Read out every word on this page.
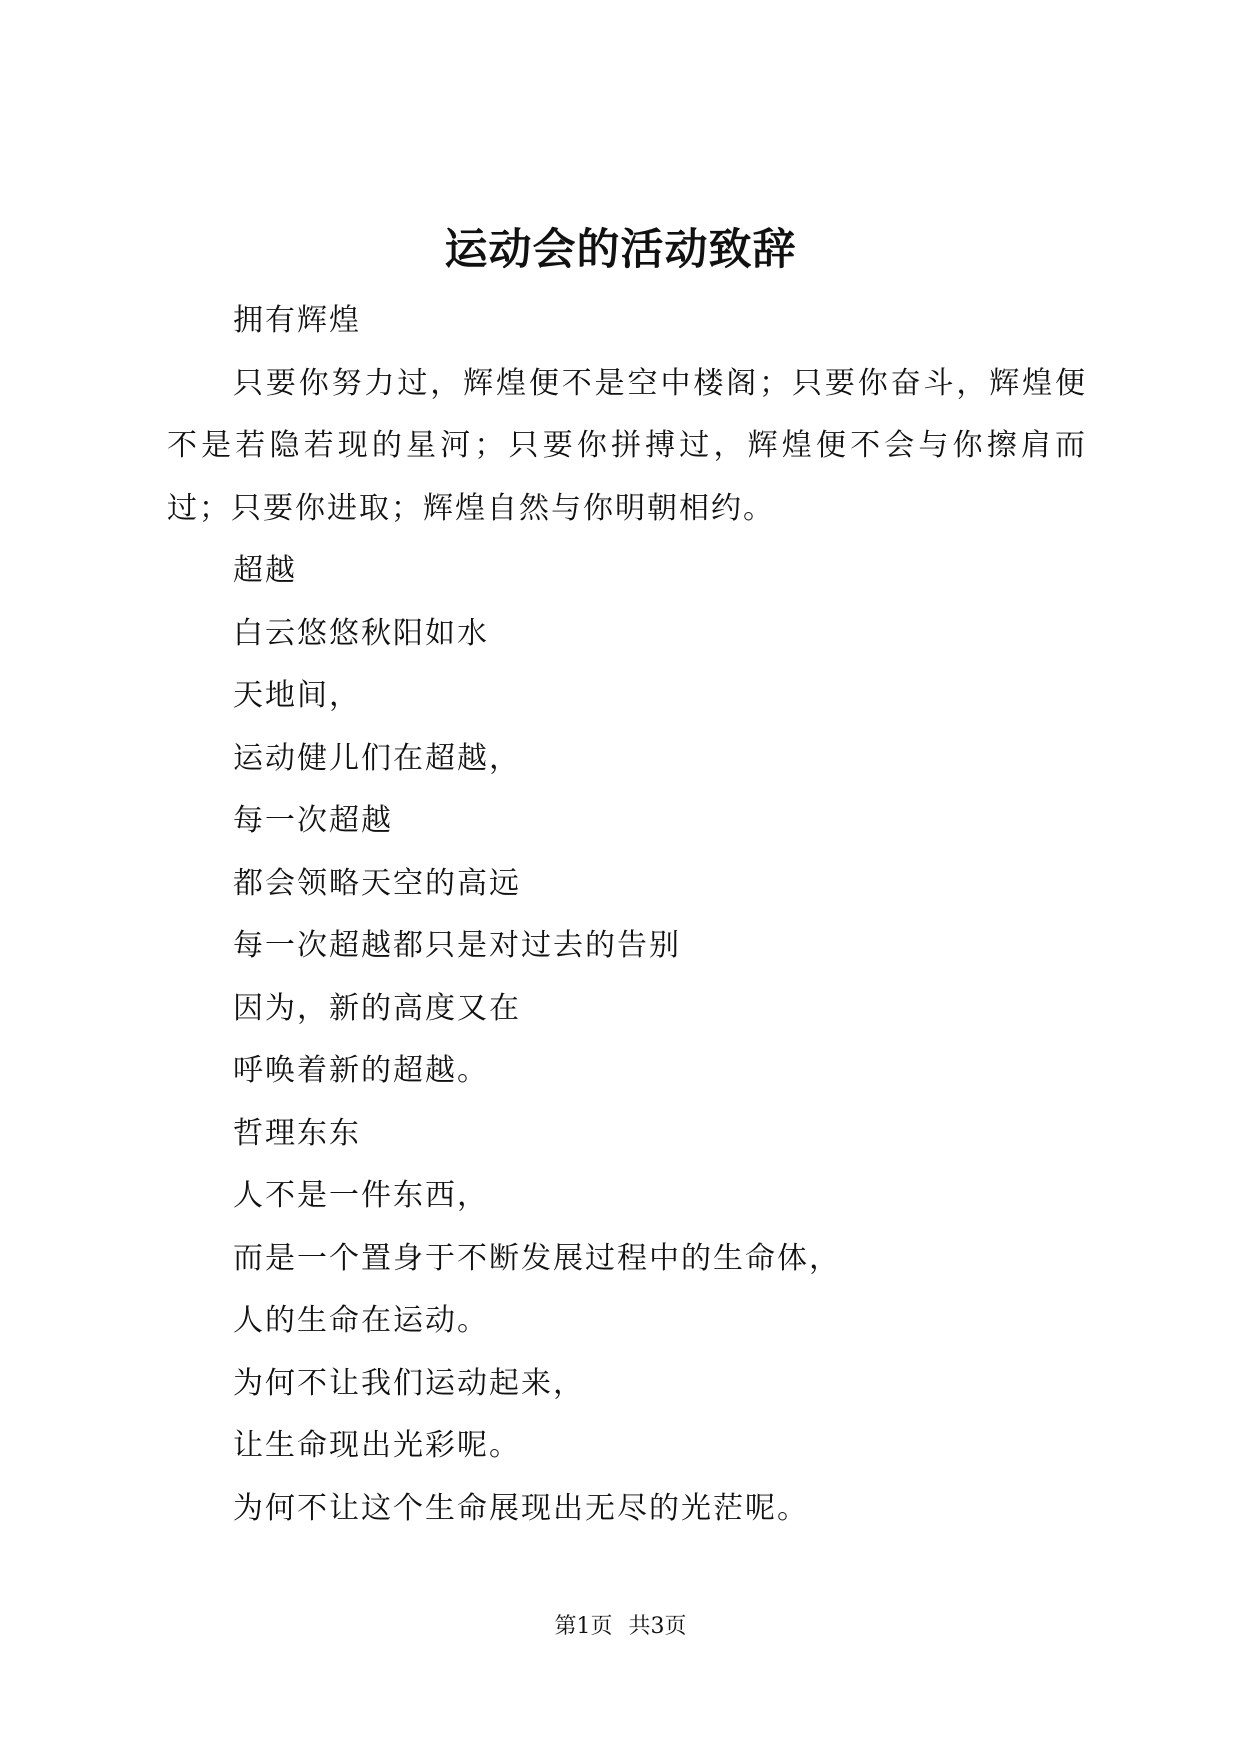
运动会的活动致辞

拥有辉煌

只要你努力过，辉煌便不是空中楼阁；只要你奋斗，辉煌便不是若隐若现的星河；只要你拼搏过，辉煌便不会与你擦肩而过；只要你进取；辉煌自然与你明朝相约。

超越

白云悠悠秋阳如水

天地间，

运动健儿们在超越，

每一次超越

都会领略天空的高远

每一次超越都只是对过去的告别

因为，新的高度又在

呼唤着新的超越。

哲理东东

人不是一件东西，

而是一个置身于不断发展过程中的生命体，

人的生命在运动。

为何不让我们运动起来，

让生命现出光彩呢。

为何不让这个生命展现出无尽的光茫呢。

第1页 共3页
